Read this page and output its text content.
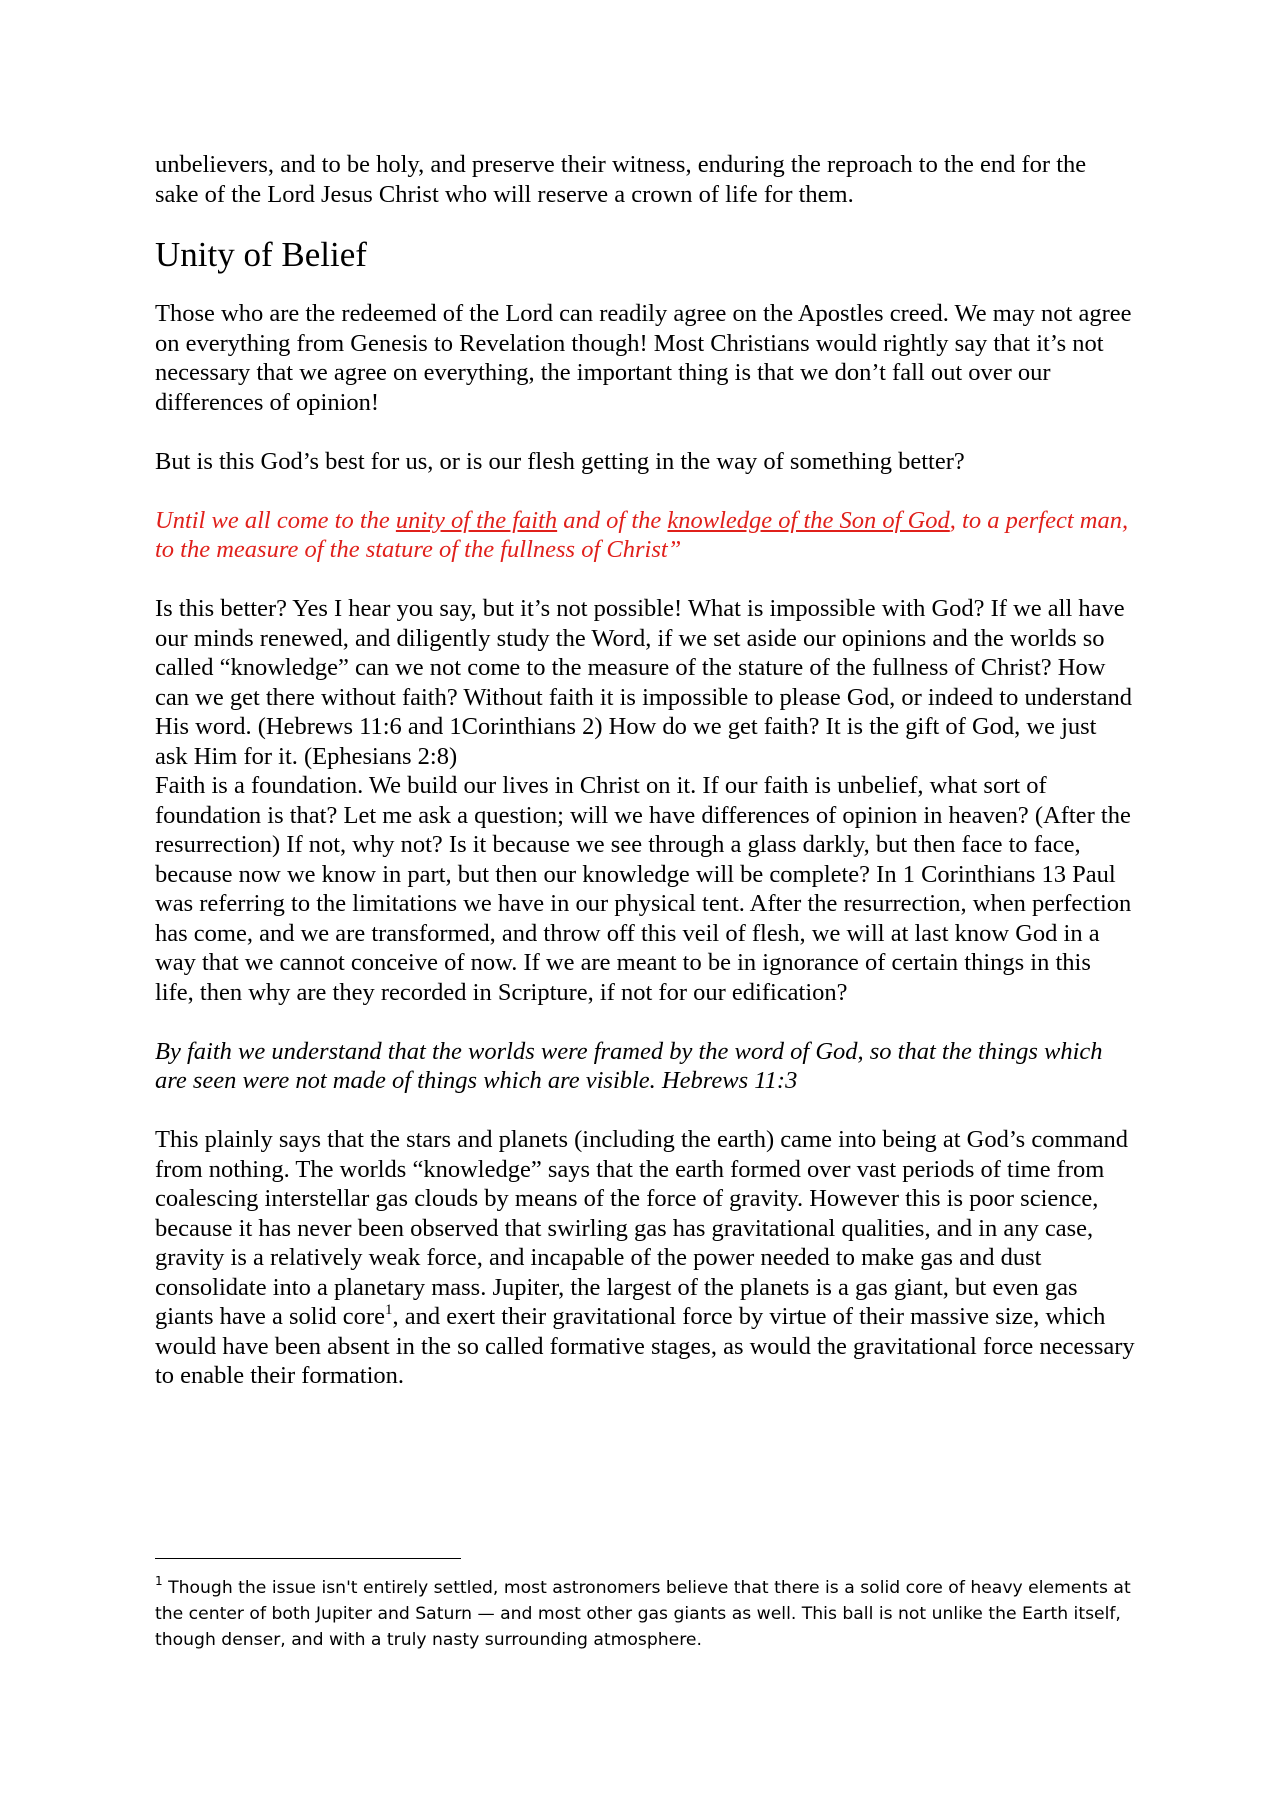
unbelievers, and to be holy, and preserve their witness, enduring the reproach to the end for the sake of the Lord Jesus Christ who will reserve a crown of life for them.

Unity of Belief

Those who are the redeemed of the Lord can readily agree on the Apostles creed. We may not agree on everything from Genesis to Revelation though! Most Christians would rightly say that it’s not necessary that we agree on everything, the important thing is that we don’t fall out over our differences of opinion!

But is this God’s best for us, or is our flesh getting in the way of something better?

Until we all come to the unity of the faith and of the knowledge of the Son of God, to a perfect man, to the measure of the stature of the fullness of Christ”

Is this better? Yes I hear you say, but it’s not possible! What is impossible with God? If we all have our minds renewed, and diligently study the Word, if we set aside our opinions and the worlds so called “knowledge” can we not come to the measure of the stature of the fullness of Christ? How can we get there without faith? Without faith it is impossible to please God, or indeed to understand His word. (Hebrews 11:6 and 1Corinthians 2) How do we get faith? It is the gift of God, we just ask Him for it. (Ephesians 2:8)

Faith is a foundation. We build our lives in Christ on it. If our faith is unbelief, what sort of foundation is that? Let me ask a question; will we have differences of opinion in heaven? (After the resurrection) If not, why not? Is it because we see through a glass darkly, but then face to face, because now we know in part, but then our knowledge will be complete? In 1 Corinthians 13 Paul was referring to the limitations we have in our physical tent. After the resurrection, when perfection has come, and we are transformed, and throw off this veil of flesh, we will at last know God in a way that we cannot conceive of now. If we are meant to be in ignorance of certain things in this life, then why are they recorded in Scripture, if not for our edification?

By faith we understand that the worlds were framed by the word of God, so that the things which are seen were not made of things which are visible. Hebrews 11:3

This plainly says that the stars and planets (including the earth) came into being at God’s command from nothing. The worlds “knowledge” says that the earth formed over vast periods of time from coalescing interstellar gas clouds by means of the force of gravity. However this is poor science, because it has never been observed that swirling gas has gravitational qualities, and in any case, gravity is a relatively weak force, and incapable of the power needed to make gas and dust consolidate into a planetary mass. Jupiter, the largest of the planets is a gas giant, but even gas giants have a solid core$^1$, and exert their gravitational force by virtue of their massive size, which would have been absent in the so called formative stages, as would the gravitational force necessary to enable their formation.

$^1$ Though the issue isn't entirely settled, most astronomers believe that there is a solid core of heavy elements at the center of both Jupiter and Saturn — and most other gas giants as well. This ball is not unlike the Earth itself, though denser, and with a truly nasty surrounding atmosphere.
